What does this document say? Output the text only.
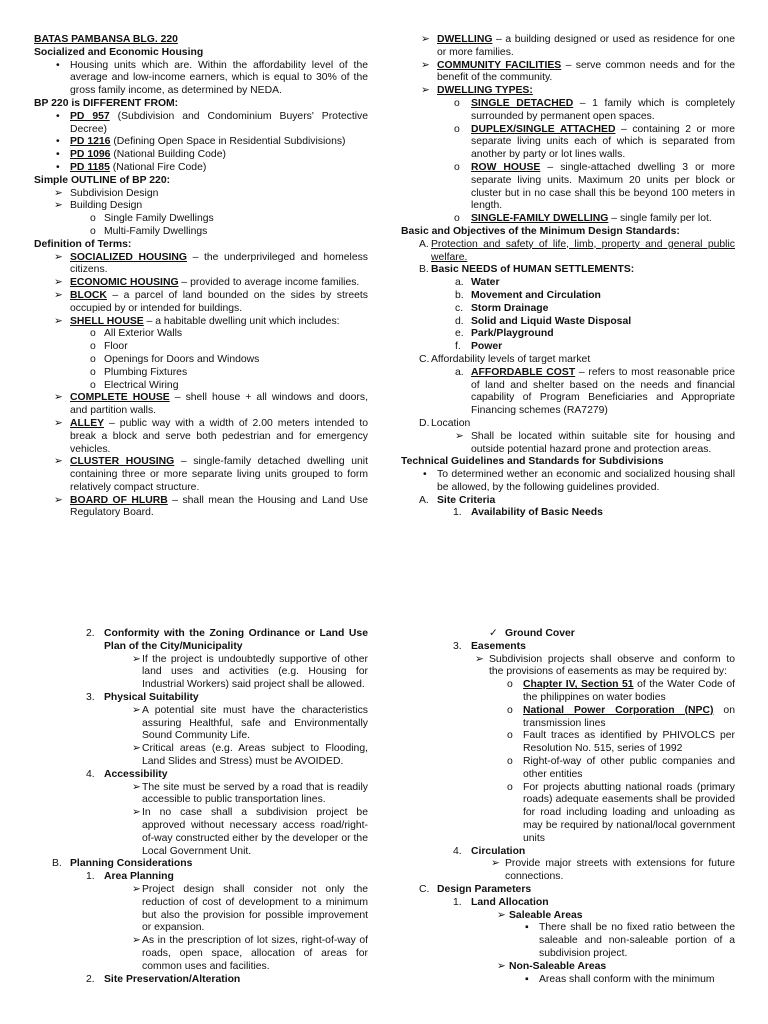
BATAS PAMBANSA BLG. 220
Socialized and Economic Housing
• Housing units which are. Within the affordability level of the average and low-income earners, which is equal to 30% of the gross family income, as determined by NEDA.
BP 220 is DIFFERENT FROM:
• PD 957 (Subdivision and Condominium Buyers' Protective Decree)
• PD 1216 (Defining Open Space in Residential Subdivisions)
• PD 1096 (National Building Code)
• PD 1185 (National Fire Code)
Simple OUTLINE of BP 220:
➢ Subdivision Design
➢ Building Design
o Single Family Dwellings
o Multi-Family Dwellings
Definition of Terms:
➢ SOCIALIZED HOUSING – the underprivileged and homeless citizens.
➢ ECONOMIC HOUSING – provided to average income families.
➢ BLOCK – a parcel of land bounded on the sides by streets occupied by or intended for buildings.
➢ SHELL HOUSE – a habitable dwelling unit which includes:
o All Exterior Walls
o Floor
o Openings for Doors and Windows
o Plumbing Fixtures
o Electrical Wiring
➢ COMPLETE HOUSE – shell house + all windows and doors, and partition walls.
➢ ALLEY – public way with a width of 2.00 meters intended to break a block and serve both pedestrian and for emergency vehicles.
➢ CLUSTER HOUSING – single-family detached dwelling unit containing three or more separate living units grouped to form relatively compact structure.
➢ BOARD OF HLURB – shall mean the Housing and Land Use Regulatory Board.
➢ DWELLING – a building designed or used as residence for one or more families.
➢ COMMUNITY FACILITIES – serve common needs and for the benefit of the community.
➢ DWELLING TYPES:
o SINGLE DETACHED – 1 family which is completely surrounded by permanent open spaces.
o DUPLEX/SINGLE ATTACHED – containing 2 or more separate living units each of which is separated from another by party or lot lines walls.
o ROW HOUSE – single-attached dwelling 3 or more separate living units. Maximum 20 units per block or cluster but in no case shall this be beyond 100 meters in length.
o SINGLE-FAMILY DWELLING – single family per lot.
Basic and Objectives of the Minimum Design Standards:
A. Protection and safety of life, limb, property and general public welfare.
B. Basic NEEDS of HUMAN SETTLEMENTS:
a. Water
b. Movement and Circulation
c. Storm Drainage
d. Solid and Liquid Waste Disposal
e. Park/Playground
f. Power
C. Affordability levels of target market
a. AFFORDABLE COST – refers to most reasonable price of land and shelter based on the needs and financial capability of Program Beneficiaries and Appropriate Financing schemes (RA7279)
D. Location
➢ Shall be located within suitable site for housing and outside potential hazard prone and protection areas.
Technical Guidelines and Standards for Subdivisions
• To determined wether an economic and socialized housing shall be allowed, by the following guidelines provided.
A. Site Criteria
1. Availability of Basic Needs
2. Conformity with the Zoning Ordinance or Land Use Plan of the City/Municipality
➢ If the project is undoubtedly supportive of other land uses and activities (e.g. Housing for Industrial Workers) said project shall be allowed.
3. Physical Suitability
➢ A potential site must have the characteristics assuring Healthful, safe and Environmentally Sound Community Life.
➢ Critical areas (e.g. Areas subject to Flooding, Land Slides and Stress) must be AVOIDED.
4. Accessibility
➢ The site must be served by a road that is readily accessible to public transportation lines.
➢ In no case shall a subdivision project be approved without necessary access road/right-of-way constructed either by the developer or the Local Government Unit.
B. Planning Considerations
1. Area Planning
➢ Project design shall consider not only the reduction of cost of development to a minimum but also the provision for possible improvement or expansion.
➢ As in the prescription of lot sizes, right-of-way of roads, open space, allocation of areas for common uses and facilities.
2. Site Preservation/Alteration
✓ Ground Cover
3. Easements
➢ Subdivision projects shall observe and conform to the provisions of easements as may be required by:
o Chapter IV, Section 51 of the Water Code of the philippines on water bodies
o National Power Corporation (NPC) on transmission lines
o Fault traces as identified by PHIVOLCS per Resolution No. 515, series of 1992
o Right-of-way of other public companies and other entities
o For projects abutting national roads (primary roads) adequate easements shall be provided for road including loading and unloading as may be required by national/local government units
4. Circulation
➢ Provide major streets with extensions for future connections.
C. Design Parameters
1. Land Allocation
➢ Saleable Areas
▪ There shall be no fixed ratio between the saleable and non-saleable portion of a subdivision project.
➢ Non-Saleable Areas
▪ Areas shall conform with the minimum
